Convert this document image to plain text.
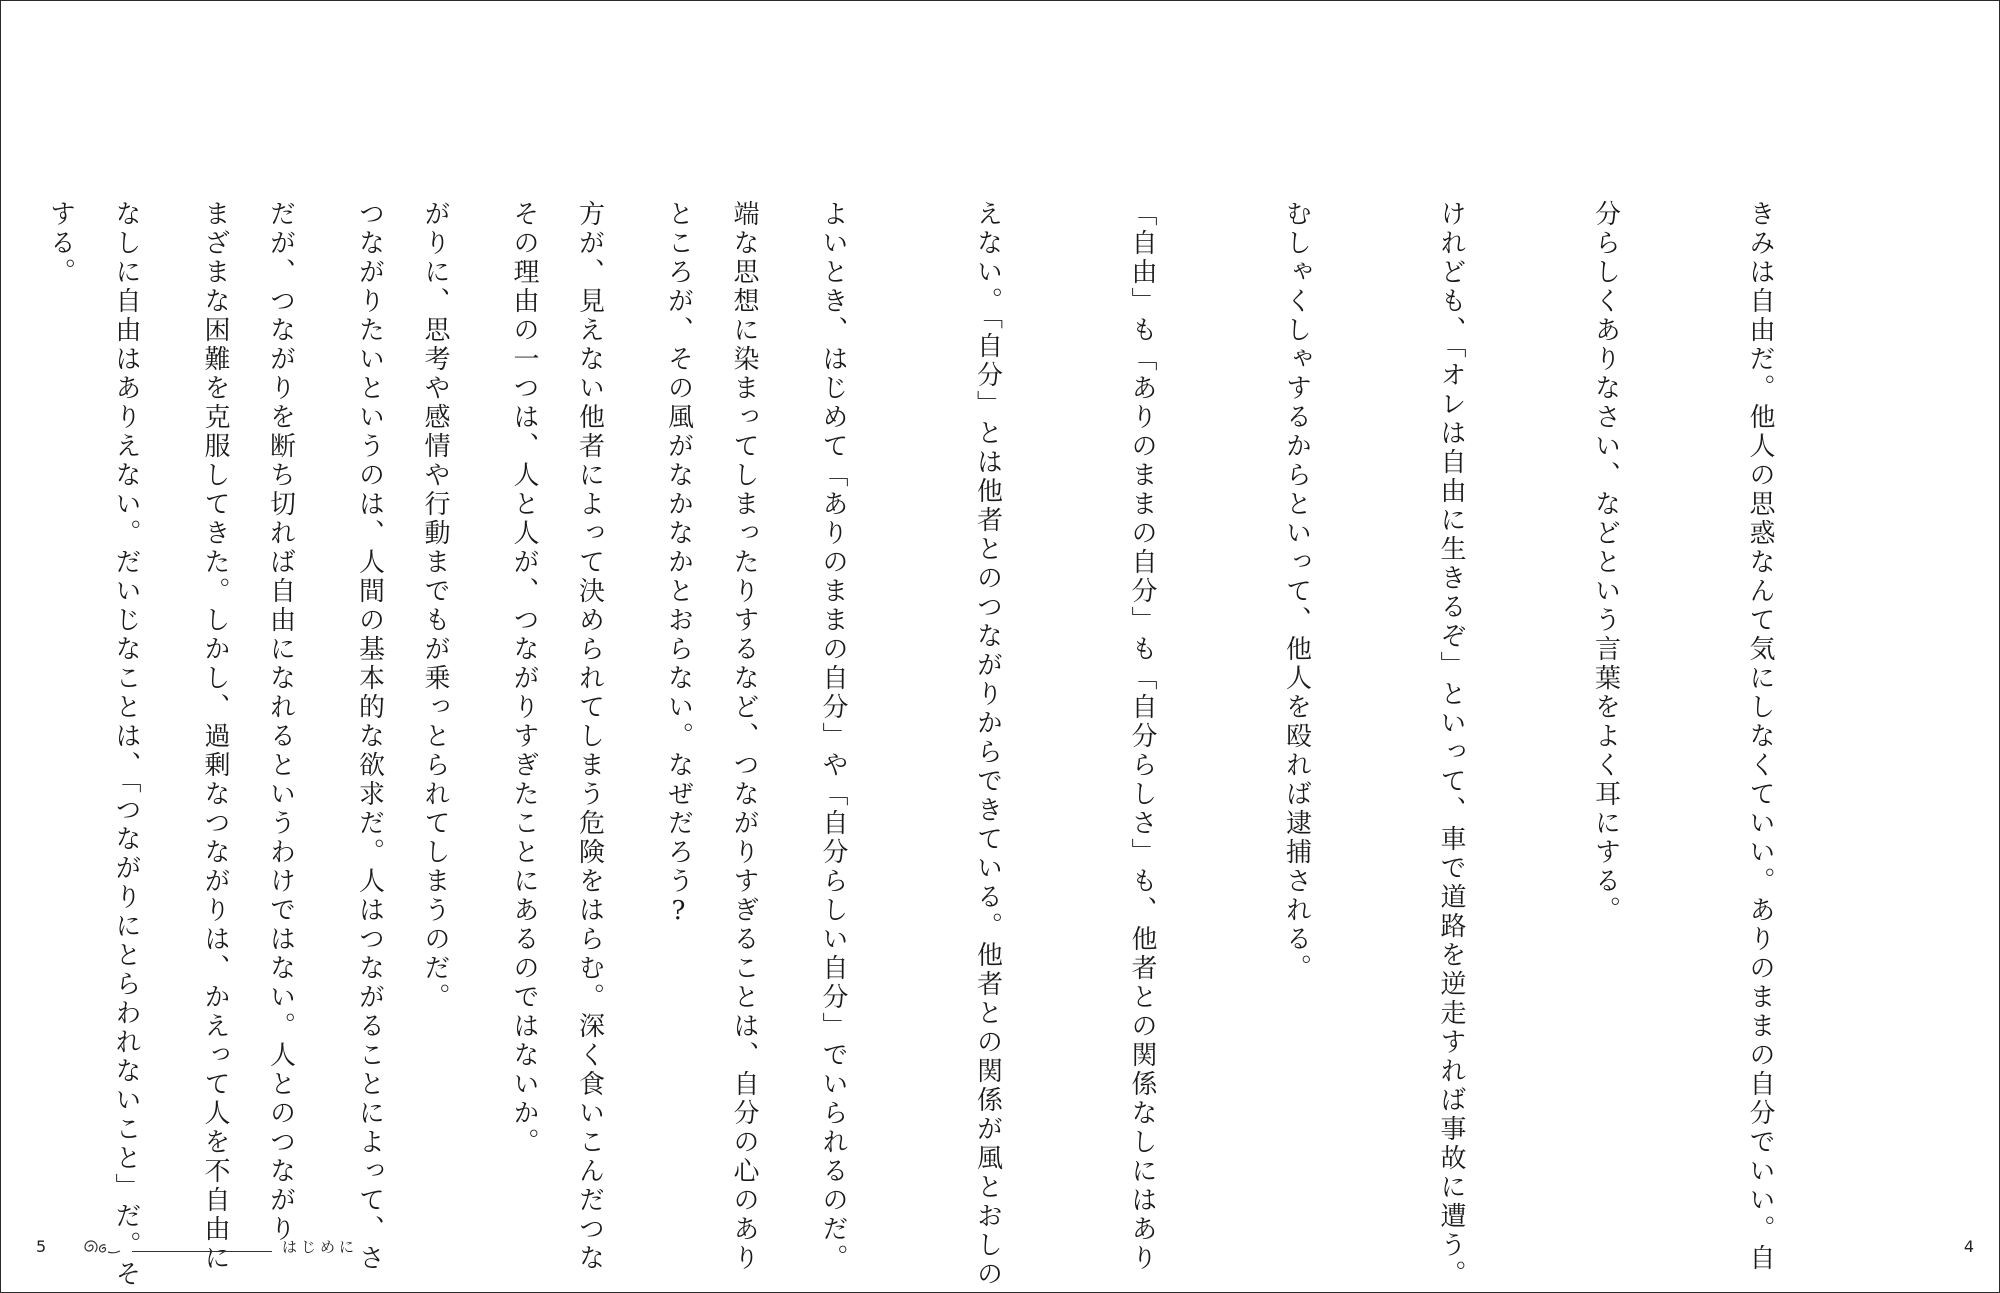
きみは自由だ。他人の思惑なんて気にしなくていい。ありのままの自分でいい。自

分らしくありなさい、などという言葉をよく耳にする。

けれども、「オレは自由に生きるぞ」といって、車で道路を逆走すれば事故に遭う。

むしゃくしゃするからといって、他人を殴れば逮捕される。

「自由」も「ありのままの自分」も「自分らしさ」も、他者との関係なしにはあり

えない。「自分」とは他者とのつながりからできている。他者との関係が風とおしの

よいとき、はじめて「ありのままの自分」や「自分らしい自分」でいられるのだ。

ところが、その風がなかなかとおらない。なぜだろう?

その理由の一つは、人と人が、つながりすぎたことにあるのではないか。

つながりたいというのは、人間の基本的な欲求だ。人はつながることによって、さ

まざまな困難を克服してきた。しかし、過剰なつながりは、かえって人を不自由に

する。

4

端な思想に染まってしまったりするなど、つながりすぎることは、自分の心のあり

方が、見えない他者によって決められてしまう危険をはらむ。深く食いこんだつな

がりに、思考や感情や行動までもが乗っとられてしまうのだ。

だが、つながりを断ち切れば自由になれるというわけではない。人とのつながり

なしに自由はありえない。だいじなことは、「つながりにとらわれないこと」だ。そ

5	はじめに
